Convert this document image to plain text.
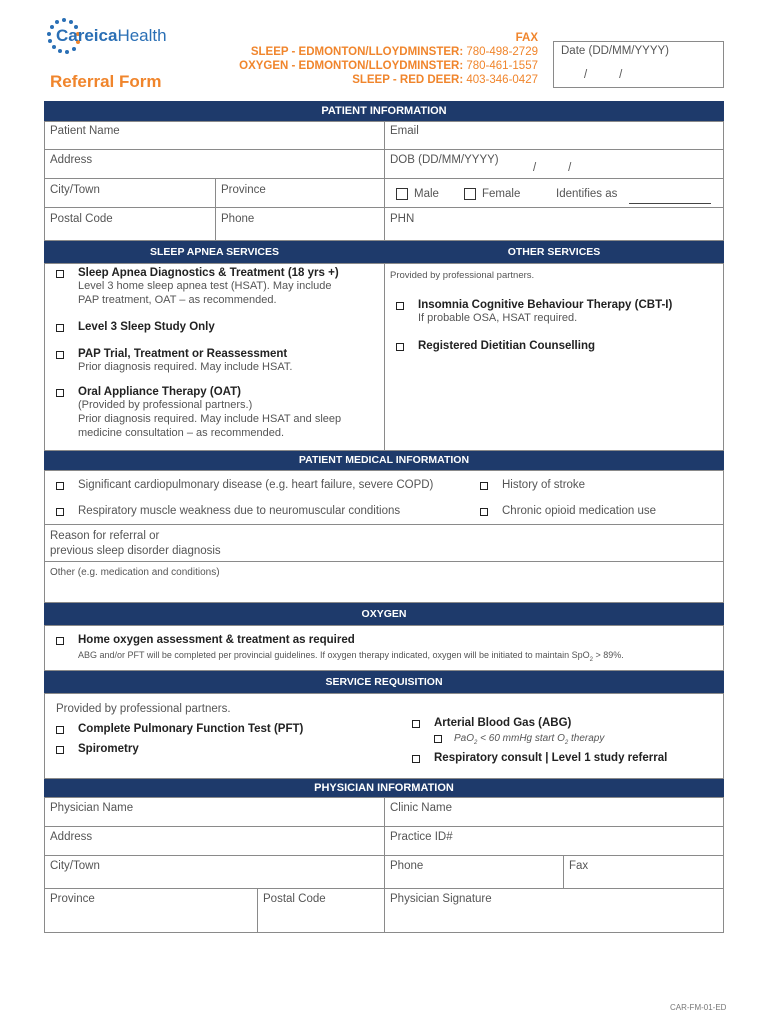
CareicaHealth
Referral Form
FAX
SLEEP - EDMONTON/LLOYDMINSTER: 780-498-2729
OXYGEN - EDMONTON/LLOYDMINSTER: 780-461-1557
SLEEP - RED DEER: 403-346-0427
Date (DD/MM/YYYY)
/          /
PATIENT INFORMATION
Patient Name	Email
Address	DOB (DD/MM/YYYY)
/          /
City/Town	Province	Male	Female	Identifies as
Postal Code	Phone	PHN
SLEEP APNEA SERVICES	OTHER SERVICES
Sleep Apnea Diagnostics & Treatment (18 yrs +)
Level 3 home sleep apnea test (HSAT). May include
PAP treatment, OAT – as recommended.
Level 3 Sleep Study Only
PAP Trial, Treatment or Reassessment
Prior diagnosis required. May include HSAT.
Oral Appliance Therapy (OAT)
(Provided by professional partners.)
Prior diagnosis required. May include HSAT and sleep
medicine consultation – as recommended.
Provided by professional partners.
Insomnia Cognitive Behaviour Therapy (CBT-I)
If probable OSA, HSAT required.
Registered Dietitian Counselling
PATIENT MEDICAL INFORMATION
Significant cardiopulmonary disease (e.g. heart failure, severe COPD)	History of stroke
Respiratory muscle weakness due to neuromuscular conditions	Chronic opioid medication use
Reason for referral or
previous sleep disorder diagnosis
Other (e.g. medication and conditions)
OXYGEN
Home oxygen assessment & treatment as required
ABG and/or PFT will be completed per provincial guidelines. If oxygen therapy indicated, oxygen will be initiated to maintain SpO$_2$ > 89%.
SERVICE REQUISITION
Provided by professional partners.
Complete Pulmonary Function Test (PFT)
Spirometry
Arterial Blood Gas (ABG)
PaO$_2$ < 60 mmHg start $O_2$ therapy
Respiratory consult | Level 1 study referral
PHYSICIAN INFORMATION
Physician Name	Clinic Name
Address	Practice ID#
City/Town	Phone	Fax
Province	Postal Code	Physician Signature
CAR-FM-01-ED
